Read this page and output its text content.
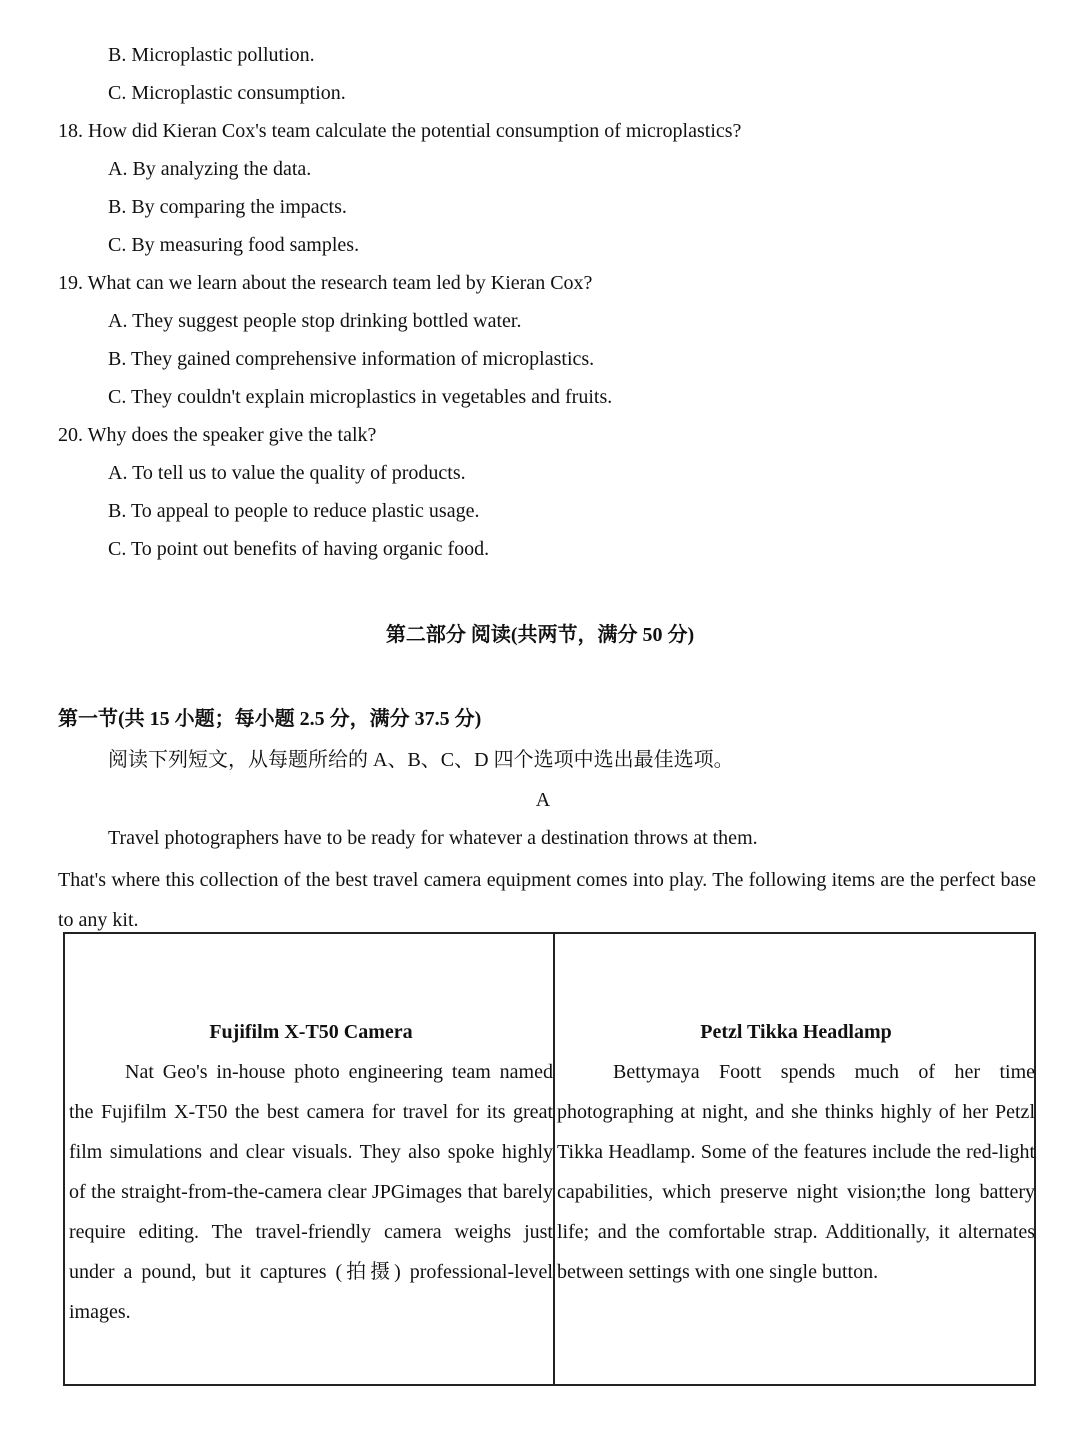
B. Microplastic pollution.
C. Microplastic consumption.
18. How did Kieran Cox's team calculate the potential consumption of microplastics?
A. By analyzing the data.
B. By comparing the impacts.
C. By measuring food samples.
19. What can we learn about the research team led by Kieran Cox?
A. They suggest people stop drinking bottled water.
B. They gained comprehensive information of microplastics.
C. They couldn't explain microplastics in vegetables and fruits.
20. Why does the speaker give the talk?
A. To tell us to value the quality of products.
B. To appeal to people to reduce plastic usage.
C. To point out benefits of having organic food.
第二部分 阅读(共两节，满分 50 分)
第一节(共 15 小题；每小题 2.5 分，满分 37.5 分)
阅读下列短文，从每题所给的 A、B、C、D 四个选项中选出最佳选项。
A
Travel photographers have to be ready for whatever a destination throws at them.
That's where this collection of the best travel camera equipment comes into play. The following items are the perfect base to any kit.
Fujifilm X-T50 Camera
Nat Geo's in-house photo engineering team named the Fujifilm X-T50 the best camera for travel for its great film simulations and clear visuals. They also spoke highly of the straight-from-the-camera clear JPGimages that barely require editing. The travel-friendly camera weighs just under a pound, but it captures (拍摄) professional-level images.
Petzl Tikka Headlamp
Bettymaya Foott spends much of her time photographing at night, and she thinks highly of her Petzl Tikka Headlamp. Some of the features include the red-light capabilities, which preserve night vision;the long battery life; and the comfortable strap. Additionally, it alternates between settings with one single button.
